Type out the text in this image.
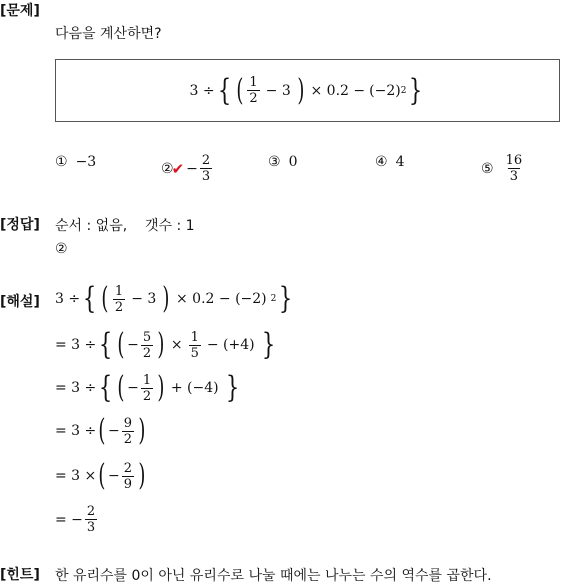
[문제]
[정답]
[해설]
[힌트]
다음을 계산하면?
3 ÷ { ( $\frac{1}{2} - 3$ ) × 0.2 − (−2) 2 }
① −3	②
✔ − $\frac{2}{3}$	③ 0	④ 4	⑤ $\frac{16}{3}$
순서 : 없음,    갯수 : 1
②
3 ÷ { ( $\frac{1}{2} - 3$ ) × 0.2 − (−2) 2 }
= 3 ÷ { ( − $\frac{5}{2}$ ) × $\frac{1}{5} - (+4)$ }
= 3 ÷ { ( − $\frac{1}{2}$ ) + (−4) }
= 3 ÷ ( − $\frac{9}{2}$ )
= 3 × ( − $\frac{2}{9}$ )
= − $\frac{2}{3}$
한 유리수를 0이 아닌 유리수로 나눌 때에는 나누는 수의 역수를 곱한다.
